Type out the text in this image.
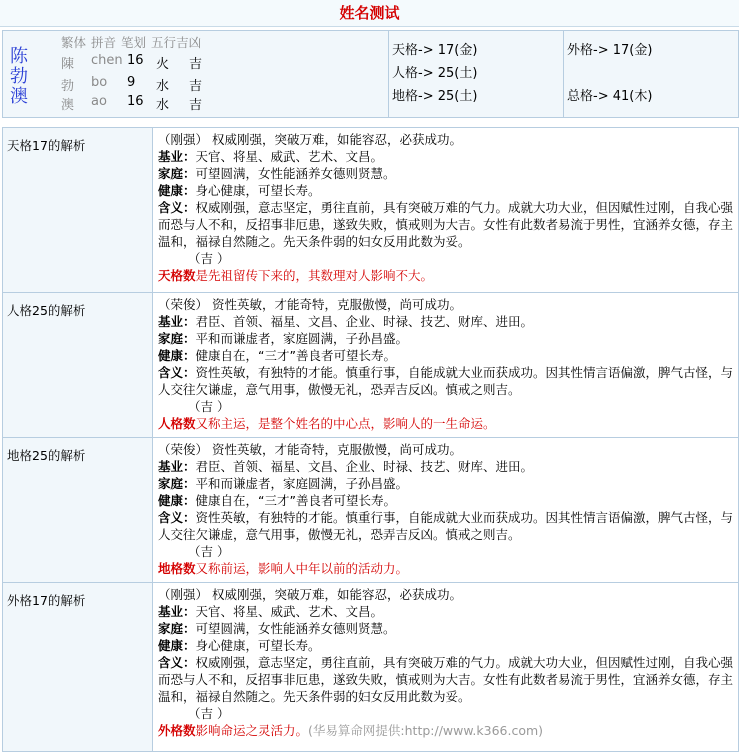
姓名测试
陈
勃
澳
繁体 拼音 笔划 五行吉凶
陳 chen 16 火 吉
勃 bo 9 水 吉
澳 ao 16 水 吉
天格-> 17(金)
人格-> 25(土)
地格-> 25(土)
外格-> 17(金)
总格-> 41(木)
天格17的解析	（刚强） 权威刚强，突破万难，如能容忍，必获成功。

基业：天官、将星、威武、艺术、文昌。

家庭：可望圆满，女性能涵养女德则贤慧。

健康：身心健康，可望长寿。

含义：权威刚强，意志坚定，勇往直前，具有突破万难的气力。成就大功大业，但因赋性过刚，自我心强而恐与人不和，反招事非厄患，遂致失败，慎戒则为大吉。女性有此数者易流于男性，宜涵养女德，存主温和，福禄自然随之。先天条件弱的妇女反用此数为妥。

（吉 ）

天格数是先祖留传下来的，其数理对人影响不大。

人格25的解析	（荣俊） 资性英敏，才能奇特，克服傲慢，尚可成功。

基业：君臣、首领、福星、文昌、企业、时禄、技艺、财库、进田。

家庭：平和而谦虚者，家庭圆满，子孙昌盛。

健康：健康自在，“三才”善良者可望长寿。

含义：资性英敏，有独特的才能。慎重行事，自能成就大业而获成功。因其性情言语偏激，脾气古怪，与人交往欠谦虚，意气用事，傲慢无礼，恐弄吉反凶。慎戒之则吉。

（吉 ）

人格数又称主运，是整个姓名的中心点，影响人的一生命运。

地格25的解析	（荣俊） 资性英敏，才能奇特，克服傲慢，尚可成功。

基业：君臣、首领、福星、文昌、企业、时禄、技艺、财库、进田。

家庭：平和而谦虚者，家庭圆满，子孙昌盛。

健康：健康自在，“三才”善良者可望长寿。

含义：资性英敏，有独特的才能。慎重行事，自能成就大业而获成功。因其性情言语偏激，脾气古怪，与人交往欠谦虚，意气用事，傲慢无礼，恐弄吉反凶。慎戒之则吉。

（吉 ）

地格数又称前运，影响人中年以前的活动力。

外格17的解析	（刚强） 权威刚强，突破万难，如能容忍，必获成功。

基业：天官、将星、威武、艺术、文昌。

家庭：可望圆满，女性能涵养女德则贤慧。

健康：身心健康，可望长寿。

含义：权威刚强，意志坚定，勇往直前，具有突破万难的气力。成就大功大业，但因赋性过刚，自我心强而恐与人不和，反招事非厄患，遂致失败，慎戒则为大吉。女性有此数者易流于男性，宜涵养女德，存主温和，福禄自然随之。先天条件弱的妇女反用此数为妥。

（吉 ）

外格数影响命运之灵活力。(华易算命网提供:http://www.k366.com)
